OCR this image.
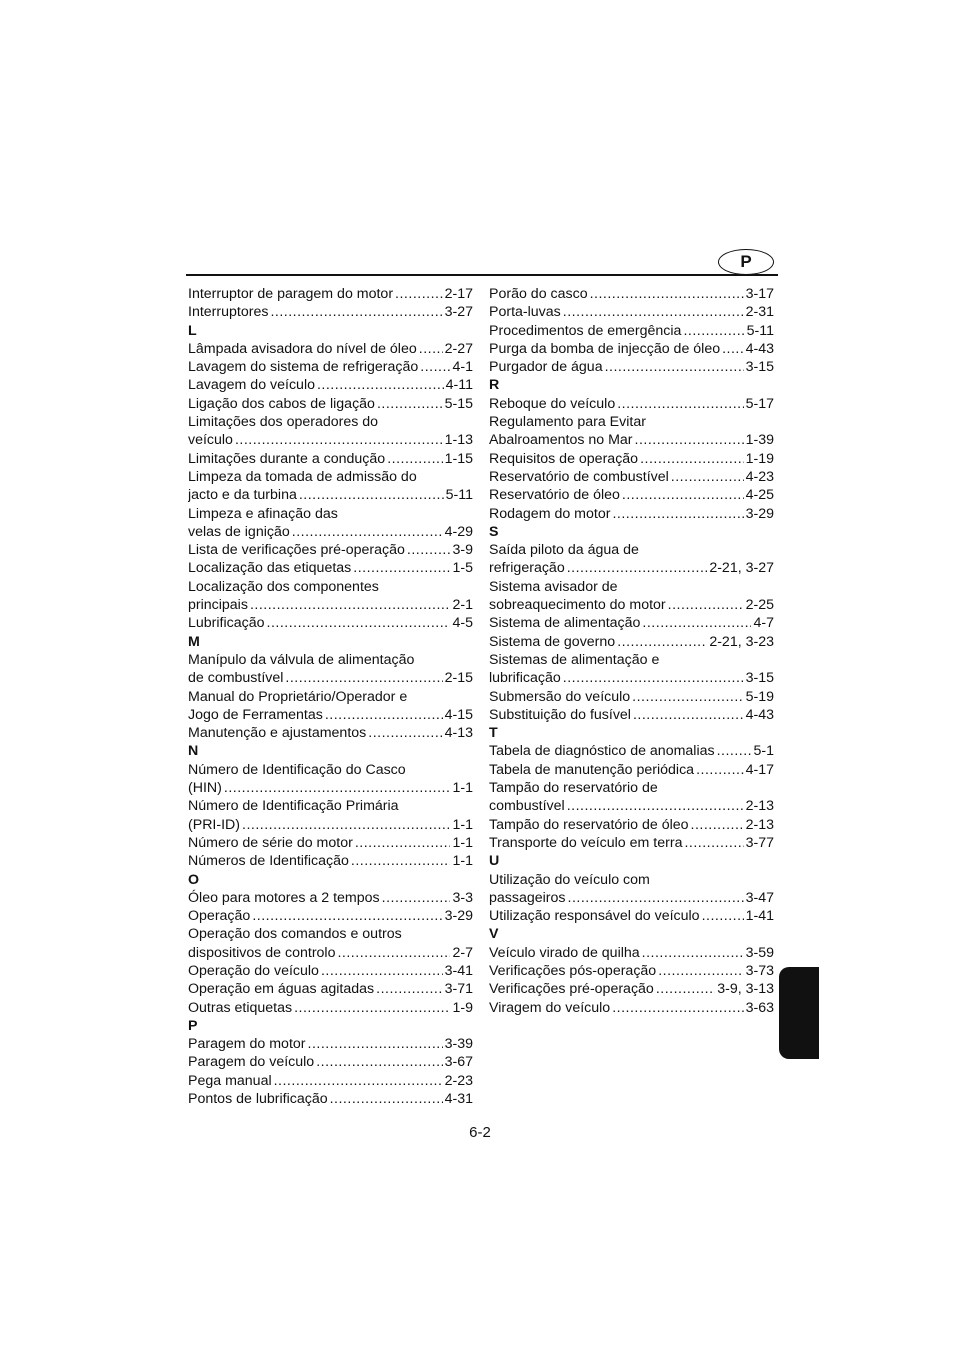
P
Interruptor de paragem do motor .....	2-17
Interruptores .....	3-27
L
Lâmpada avisadora do nível de óleo ..... 2-27
Lavagem do sistema de refrigeração ..... 4-1
Lavagem do veículo .....	4-11
Ligação dos cabos de ligação .....	5-15
Limitações dos operadores do
veículo .....	1-13
Limitações durante a condução .....	1-15
Limpeza da tomada de admissão do
jacto e da turbina .....	5-11
Limpeza e afinação das
velas de ignição .....	4-29
Lista de verificações pré-operação .....	3-9
Localização das etiquetas .....	1-5
Localização dos componentes
principais .....	2-1
Lubrificação .....	4-5
M
Manípulo da válvula de alimentação
de combustível .....	2-15
Manual do Proprietário/Operador e
Jogo de Ferramentas .....	4-15
Manutenção e ajustamentos .....	4-13
N
Número de Identificação do Casco
(HIN) .....	1-1
Número de Identificação Primária
(PRI-ID) .....	1-1
Número de série do motor .....	1-1
Números de Identificação .....	1-1
O
Óleo para motores a 2 tempos .....	3-3
Operação .....	3-29
Operação dos comandos e outros
dispositivos de controlo .....	2-7
Operação do veículo .....	3-41
Operação em águas agitadas .....	3-71
Outras etiquetas .....	1-9
P
Paragem do motor .....	3-39
Paragem do veículo .....	3-67
Pega manual .....	2-23
Pontos de lubrificação .....	4-31
Porão do casco .....	3-17
Porta-luvas .....	2-31
Procedimentos de emergência .....	5-11
Purga da bomba de injecção de óleo ..... 4-43
Purgador de água .....	3-15
R
Reboque do veículo .....	5-17
Regulamento para Evitar
Abalroamentos no Mar .....	1-39
Requisitos de operação .....	1-19
Reservatório de combustível .....	4-23
Reservatório de óleo .....	4-25
Rodagem do motor .....	3-29
S
Saída piloto da água de
refrigeração .....	2-21, 3-27
Sistema avisador de
sobreaquecimento do motor .....	2-25
Sistema de alimentação .....	4-7
Sistema de governo .....	2-21, 3-23
Sistemas de alimentação e
lubrificação .....	3-15
Submersão do veículo .....	5-19
Substituição do fusível .....	4-43
T
Tabela de diagnóstico de anomalias .....	5-1
Tabela de manutenção periódica .....	4-17
Tampão do reservatório de
combustível .....	2-13
Tampão do reservatório de óleo .....	2-13
Transporte do veículo em terra .....	3-77
U
Utilização do veículo com
passageiros .....	3-47
Utilização responsável do veículo .....	1-41
V
Veículo virado de quilha .....	3-59
Verificações pós-operação .....	3-73
Verificações pré-operação .....	3-9, 3-13
Viragem do veículo .....	3-63
6-2
